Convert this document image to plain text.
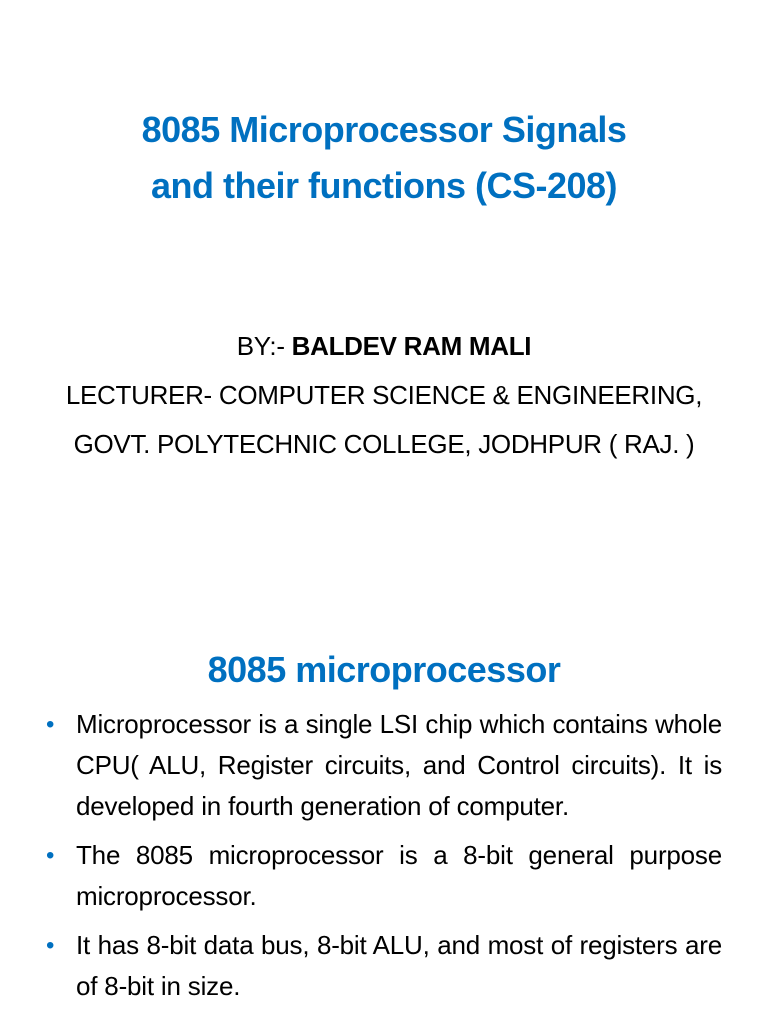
8085 Microprocessor Signals
and their functions (CS-208)
BY:- BALDEV RAM MALI
LECTURER- COMPUTER SCIENCE & ENGINEERING,
GOVT. POLYTECHNIC COLLEGE, JODHPUR ( RAJ. )
8085 microprocessor
• Microprocessor is a single LSI chip which contains whole CPU( ALU, Register circuits, and Control circuits). It is developed in fourth generation of computer.
• The 8085 microprocessor is a 8-bit general purpose microprocessor.
• It has 8-bit data bus, 8-bit ALU, and most of registers are of 8-bit in size.
